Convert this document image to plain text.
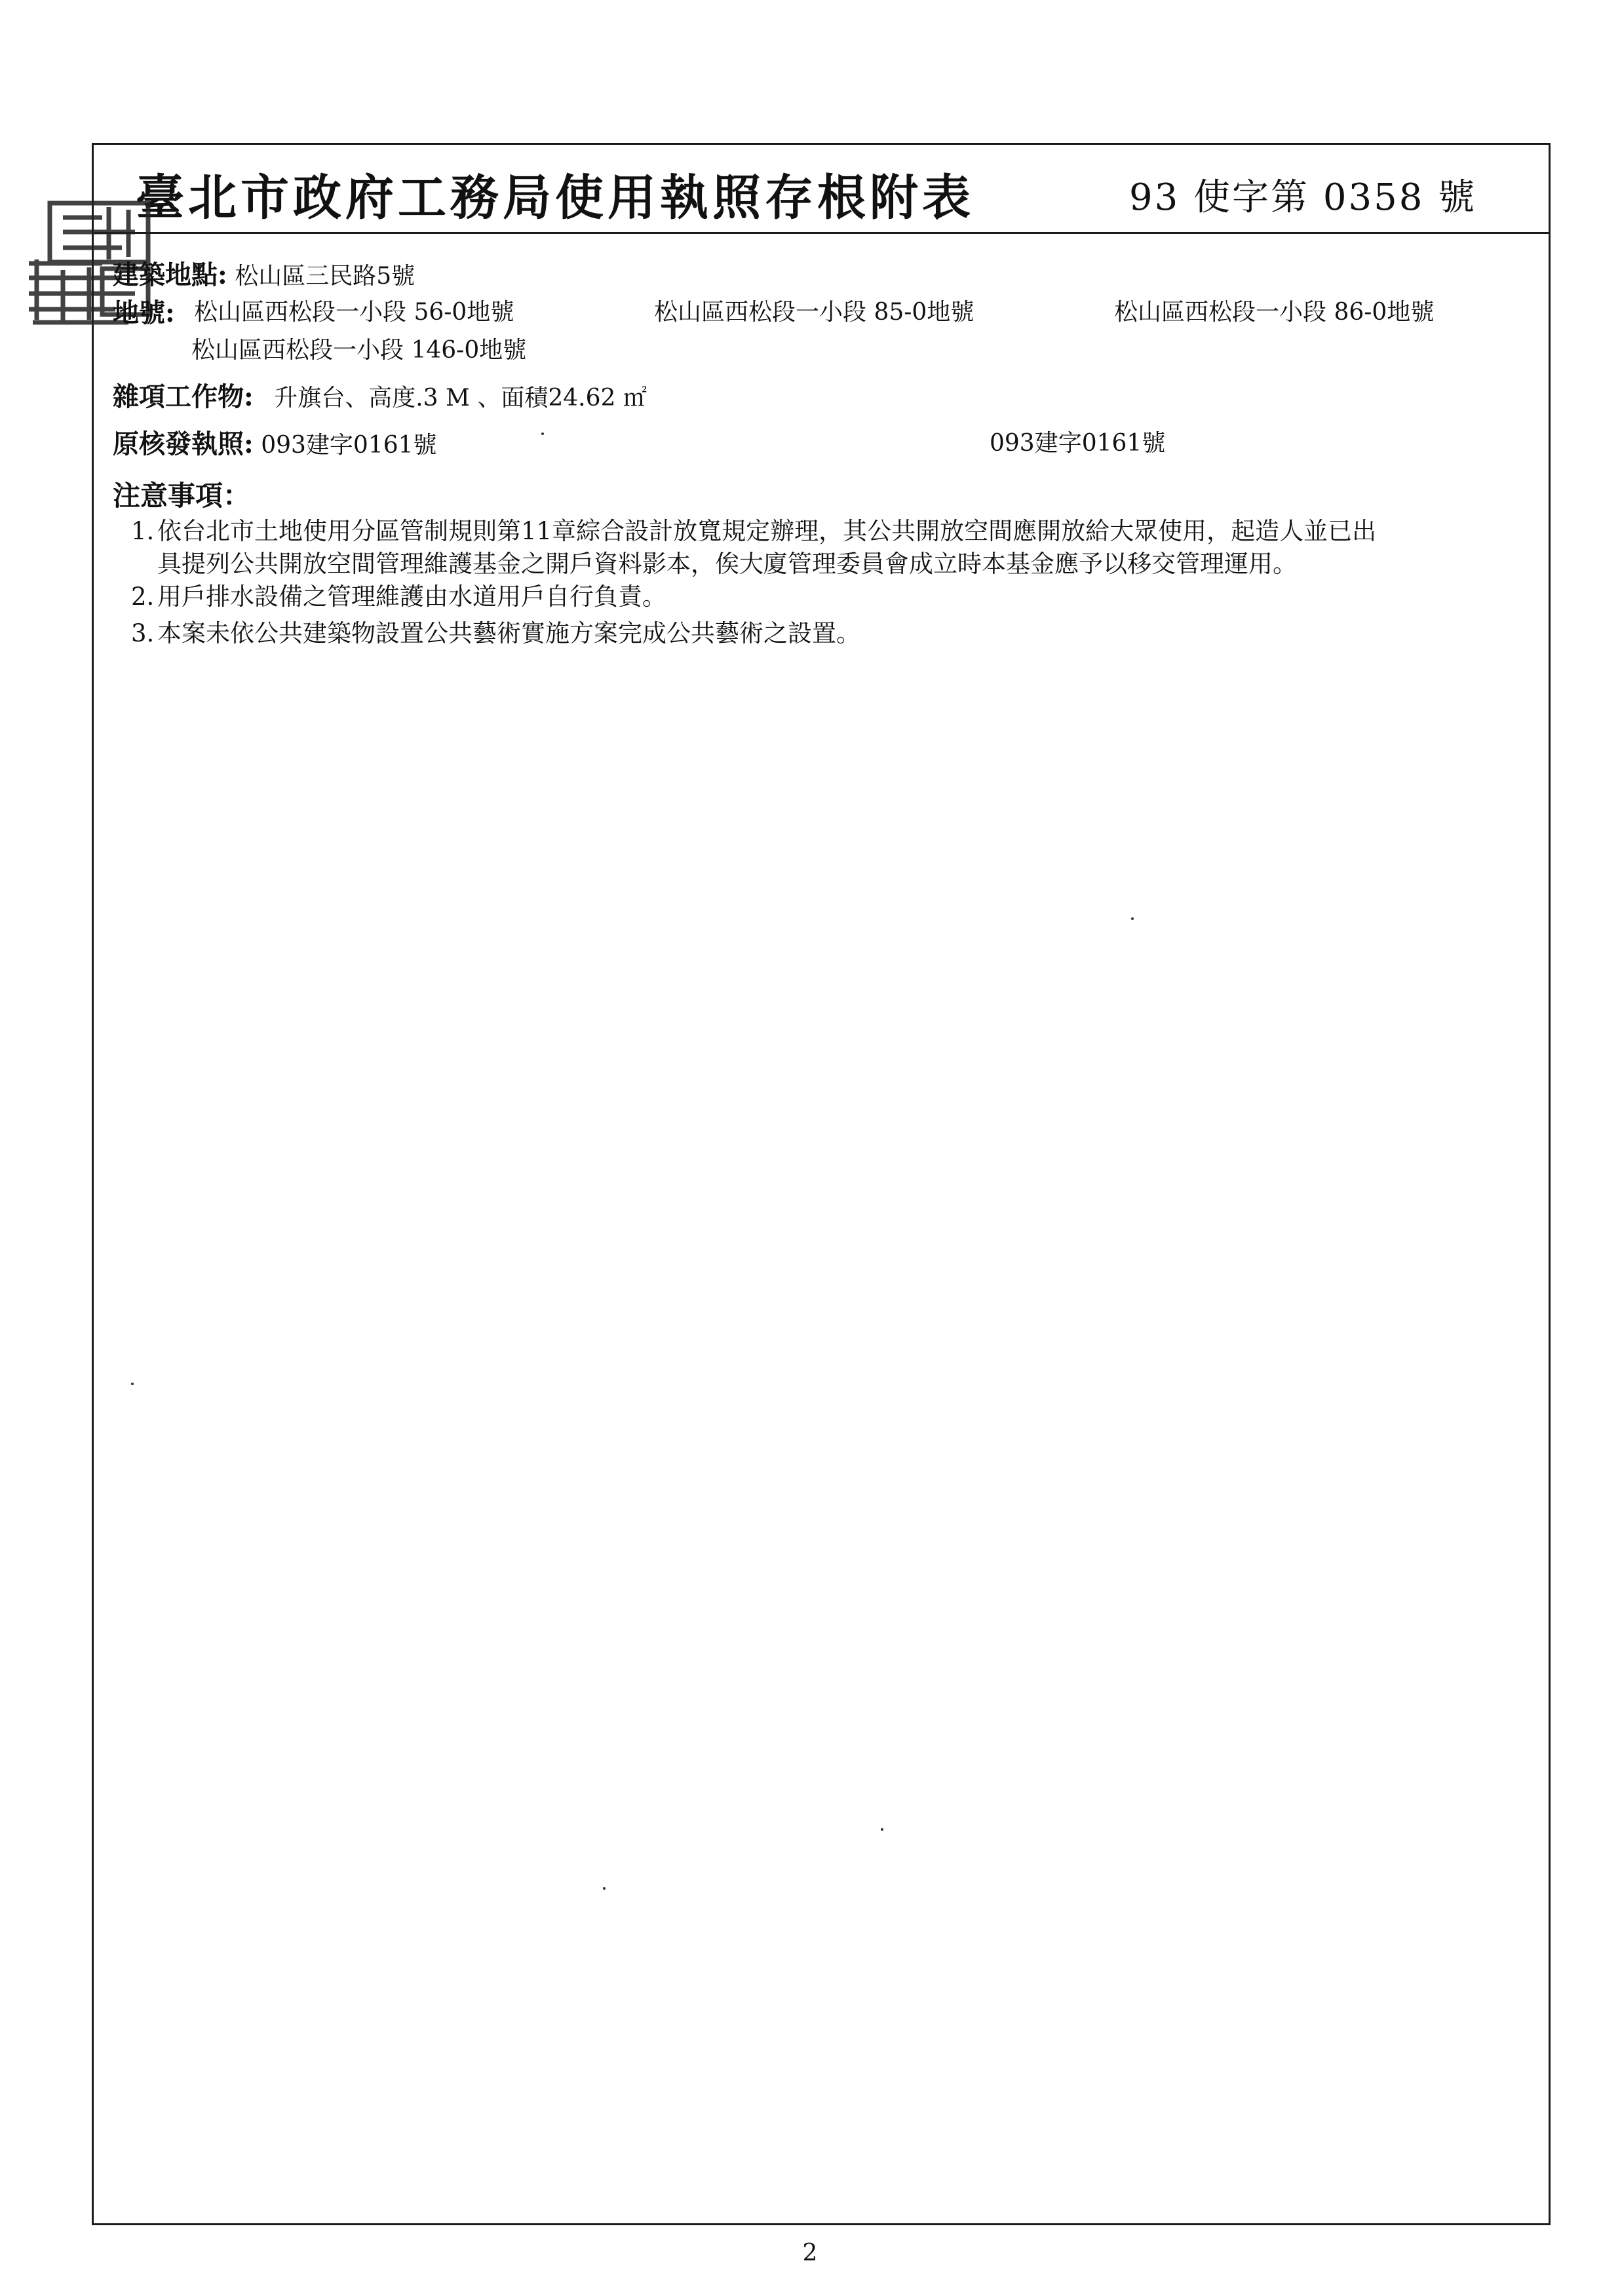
臺北市政府工務局使用執照存根附表	93 使字第 0358 號
建築地點: 松山區三民路5號
地號: 松山區西松段一小段 56-0地號	松山區西松段一小段 85-0地號	松山區西松段一小段 86-0地號
松山區西松段一小段 146-0地號
雜項工作物: 升旗台、高度.3 M 、面積24.62 ㎡
原核發執照: 093建字0161號	093建字0161號
注意事項：
1. 依台北市土地使用分區管制規則第11章綜合設計放寬規定辦理，其公共開放空間應開放給大眾使用，起造人並已出
具提列公共開放空間管理維護基金之開戶資料影本，俟大廈管理委員會成立時本基金應予以移交管理運用。
2. 用戶排水設備之管理維護由水道用戶自行負責。
3. 本案未依公共建築物設置公共藝術實施方案完成公共藝術之設置。
2
